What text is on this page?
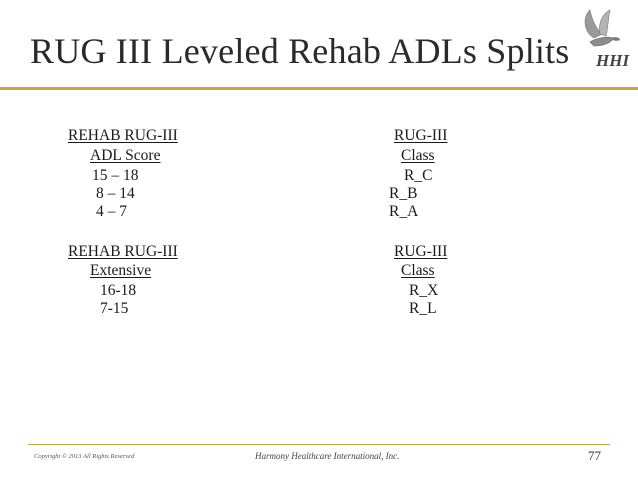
RUG III Leveled Rehab ADLs Splits HHI
REHAB RUG-III
ADL Score
15 – 18
8 – 14
4 – 7
RUG-III
Class
R_C
R_B
R_A
REHAB RUG-III
Extensive
16-18
7-15
RUG-III
Class
R_X
R_L
Copyright © 2013 All Rights Reserved	Harmony Healthcare International, Inc.	77
